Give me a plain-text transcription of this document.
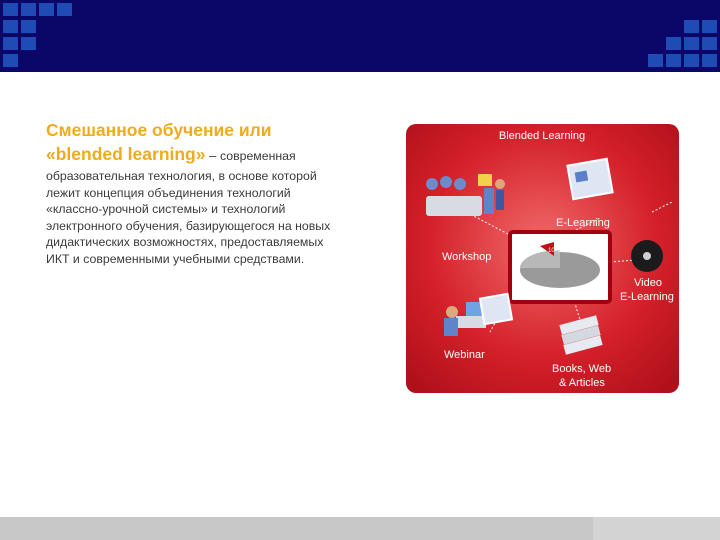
Смешанное обучение или
«blended learning» – современная

образовательная технология, в основе которой
лежит концепция объединения технологий
«классно-урочной системы» и технологий
электронного обучения, базирующегося на новых
дидактических возможностях, предоставляемых
ИКТ и современными учебными средствами.

Blended Learning
10%
Workshop
E-Learning
Video
E-Learning
Webinar
Books, Web
& Articles
